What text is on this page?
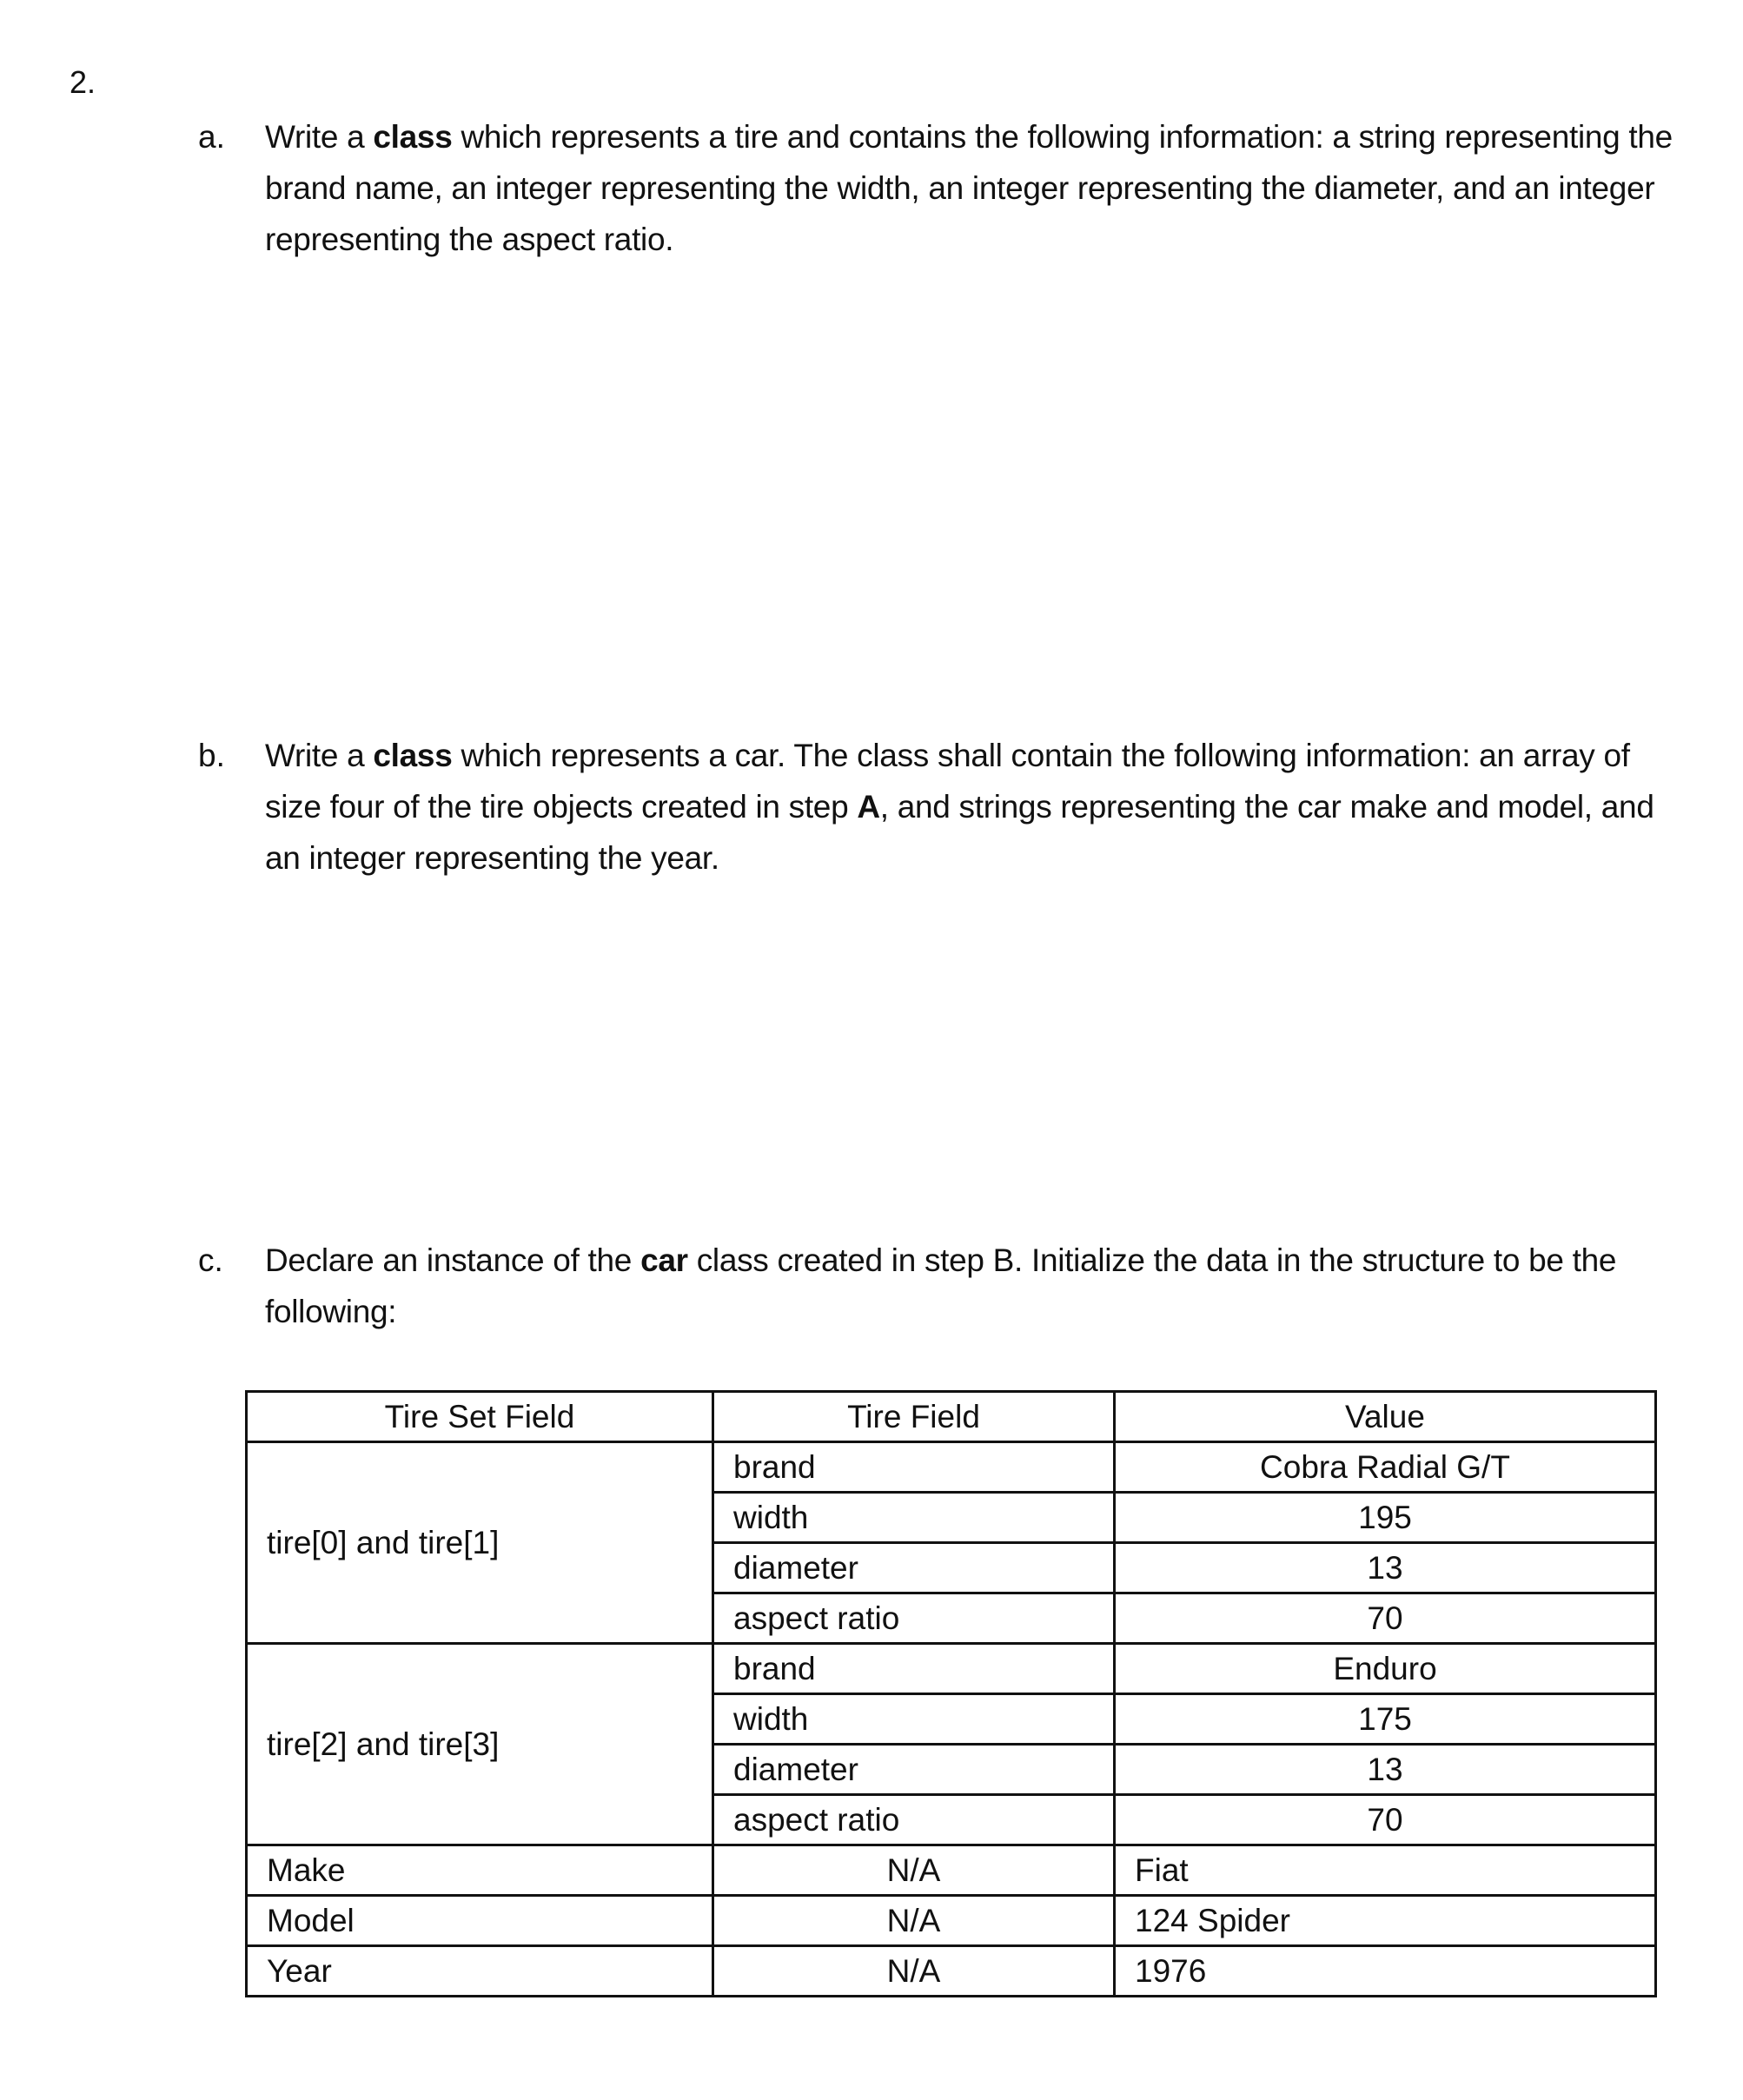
2.
a. Write a class which represents a tire and contains the following information: a string representing the brand name, an integer representing the width, an integer representing the diameter, and an integer representing the aspect ratio.
b. Write a class which represents a car. The class shall contain the following information: an array of size four of the tire objects created in step A, and strings representing the car make and model, and an integer representing the year.
c. Declare an instance of the car class created in step B. Initialize the data in the structure to be the following:
Tire Set Field	Tire Field	Value
tire[0] and tire[1]	brand	Cobra Radial G/T
	width	195
	diameter	13
	aspect ratio	70
tire[2] and tire[3]	brand	Enduro
	width	175
	diameter	13
	aspect ratio	70
Make	N/A	Fiat
Model	N/A	124 Spider
Year	N/A	1976
